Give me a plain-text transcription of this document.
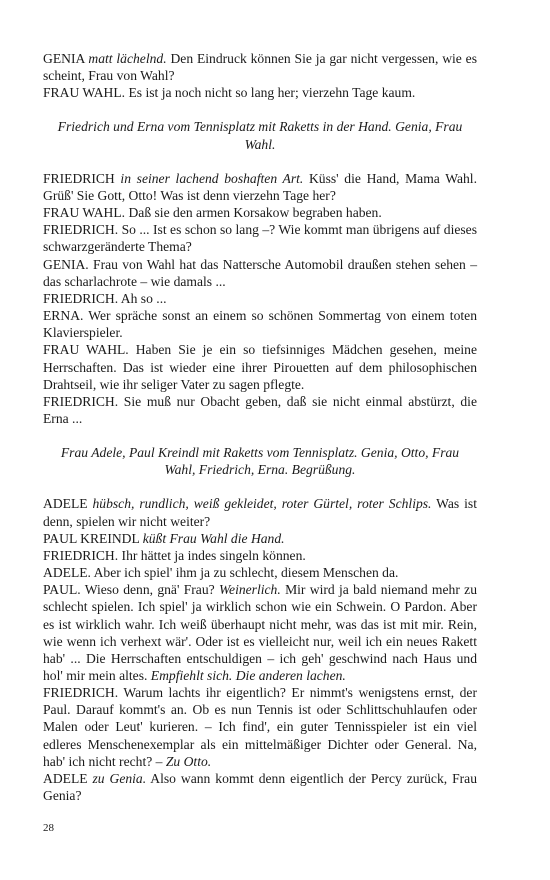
GENIA matt lächelnd. Den Eindruck können Sie ja gar nicht vergessen, wie es scheint, Frau von Wahl?

FRAU WAHL. Es ist ja noch nicht so lang her; vierzehn Tage kaum.

Friedrich und Erna vom Tennisplatz mit Raketts in der Hand. Genia, Frau Wahl.

FRIEDRICH in seiner lachend boshaften Art. Küss' die Hand, Mama Wahl. Grüß' Sie Gott, Otto! Was ist denn vierzehn Tage her?

FRAU WAHL. Daß sie den armen Korsakow begraben haben.

FRIEDRICH. So ... Ist es schon so lang –? Wie kommt man übrigens auf dieses schwarzgeränderte Thema?

GENIA. Frau von Wahl hat das Nattersche Automobil draußen stehen sehen – das scharlachrote – wie damals ...

FRIEDRICH. Ah so ...

ERNA. Wer spräche sonst an einem so schönen Sommertag von einem toten Klavierspieler.

FRAU WAHL. Haben Sie je ein so tiefsinniges Mädchen gesehen, meine Herrschaften. Das ist wieder eine ihrer Pirouetten auf dem philosophischen Drahtseil, wie ihr seliger Vater zu sagen pflegte.

FRIEDRICH. Sie muß nur Obacht geben, daß sie nicht einmal abstürzt, die Erna ...

Frau Adele, Paul Kreindl mit Raketts vom Tennisplatz. Genia, Otto, Frau Wahl, Friedrich, Erna. Begrüßung.

ADELE hübsch, rundlich, weiß gekleidet, roter Gürtel, roter Schlips. Was ist denn, spielen wir nicht weiter?

PAUL KREINDL küßt Frau Wahl die Hand.

FRIEDRICH. Ihr hättet ja indes singeln können.

ADELE. Aber ich spiel' ihm ja zu schlecht, diesem Menschen da.

PAUL. Wieso denn, gnä' Frau? Weinerlich. Mir wird ja bald niemand mehr zu schlecht spielen. Ich spiel' ja wirklich schon wie ein Schwein. O Pardon. Aber es ist wirklich wahr. Ich weiß überhaupt nicht mehr, was das ist mit mir. Rein, wie wenn ich verhext wär'. Oder ist es vielleicht nur, weil ich ein neues Rakett hab' ... Die Herrschaften entschuldigen – ich geh' geschwind nach Haus und hol' mir mein altes. Empfiehlt sich. Die anderen lachen.

FRIEDRICH. Warum lachts ihr eigentlich? Er nimmt's wenigstens ernst, der Paul. Darauf kommt's an. Ob es nun Tennis ist oder Schlittschuhlaufen oder Malen oder Leut' kurieren. – Ich find', ein guter Tennisspieler ist ein viel edleres Menschenexemplar als ein mittelmäßiger Dichter oder General. Na, hab' ich nicht recht? – Zu Otto.

ADELE zu Genia. Also wann kommt denn eigentlich der Percy zurück, Frau Genia?

28
